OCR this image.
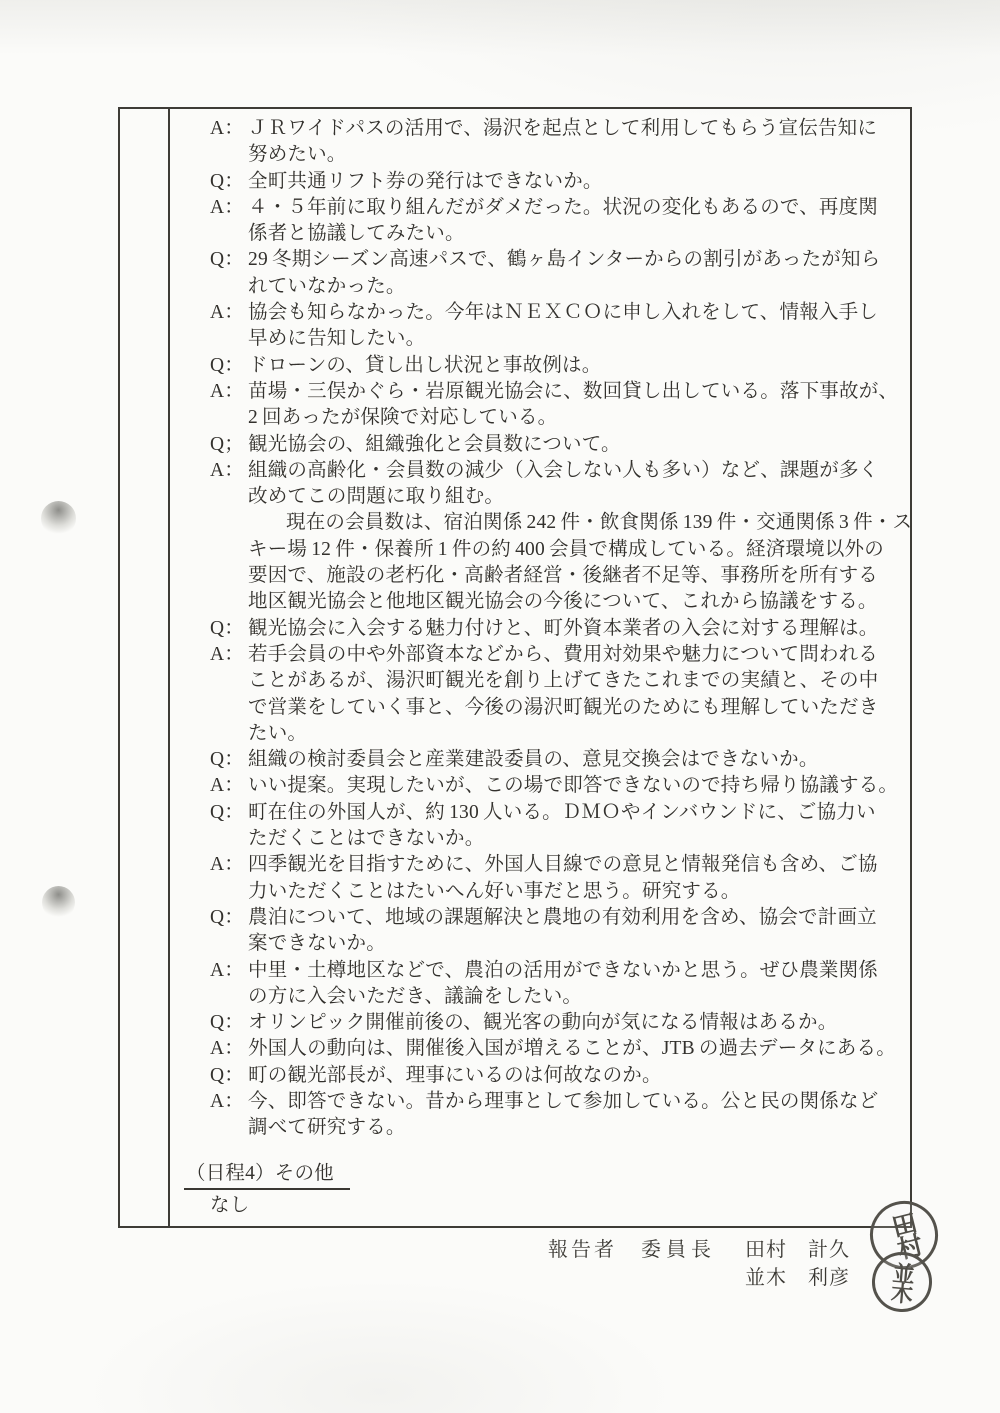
A： ＪＲワイドパスの活用で、湯沢を起点として利用してもらう宣伝告知に
努めたい。
Q： 全町共通リフト券の発行はできないか。
A： ４・５年前に取り組んだがダメだった。状況の変化もあるので、再度関
係者と協議してみたい。
Q： 29 冬期シーズン高速パスで、鶴ヶ島インターからの割引があったが知ら
れていなかった。
A： 協会も知らなかった。今年はＮＥＸＣＯに申し入れをして、情報入手し
早めに告知したい。
Q： ドローンの、貸し出し状況と事故例は。
A： 苗場・三俣かぐら・岩原観光協会に、数回貸し出している。落下事故が、
2 回あったが保険で対応している。
Q； 観光協会の、組織強化と会員数について。
A： 組織の高齢化・会員数の減少（入会しない人も多い）など、課題が多く
改めてこの問題に取り組む。
現在の会員数は、宿泊関係 242 件・飲食関係 139 件・交通関係 3 件・ス
キー場 12 件・保養所 1 件の約 400 会員で構成している。経済環境以外の
要因で、施設の老朽化・高齢者経営・後継者不足等、事務所を所有する
地区観光協会と他地区観光協会の今後について、これから協議をする。
Q： 観光協会に入会する魅力付けと、町外資本業者の入会に対する理解は。
A： 若手会員の中や外部資本などから、費用対効果や魅力について問われる
ことがあるが、湯沢町観光を創り上げてきたこれまでの実績と、その中
で営業をしていく事と、今後の湯沢町観光のためにも理解していただき
たい。
Q： 組織の検討委員会と産業建設委員の、意見交換会はできないか。
A： いい提案。実現したいが、この場で即答できないので持ち帰り協議する。
Q： 町在住の外国人が、約 130 人いる。ＤＭＯやインバウンドに、ご協力い
ただくことはできないか。
A： 四季観光を目指すために、外国人目線での意見と情報発信も含め、ご協
力いただくことはたいへん好い事だと思う。研究する。
Q： 農泊について、地域の課題解決と農地の有効利用を含め、協会で計画立
案できないか。
A： 中里・土樽地区などで、農泊の活用ができないかと思う。ぜひ農業関係
の方に入会いただき、議論をしたい。
Q： オリンピック開催前後の、観光客の動向が気になる情報はあるか。
A： 外国人の動向は、開催後入国が増えることが、JTB の過去データにある。
Q： 町の観光部長が、理事にいるのは何故なのか。
A： 今、即答できない。昔から理事として参加している。公と民の関係など
調べて研究する。
（日程4）その他
なし
報告者 委 員 長 田村　計久
並木　利彦
田村
並木
